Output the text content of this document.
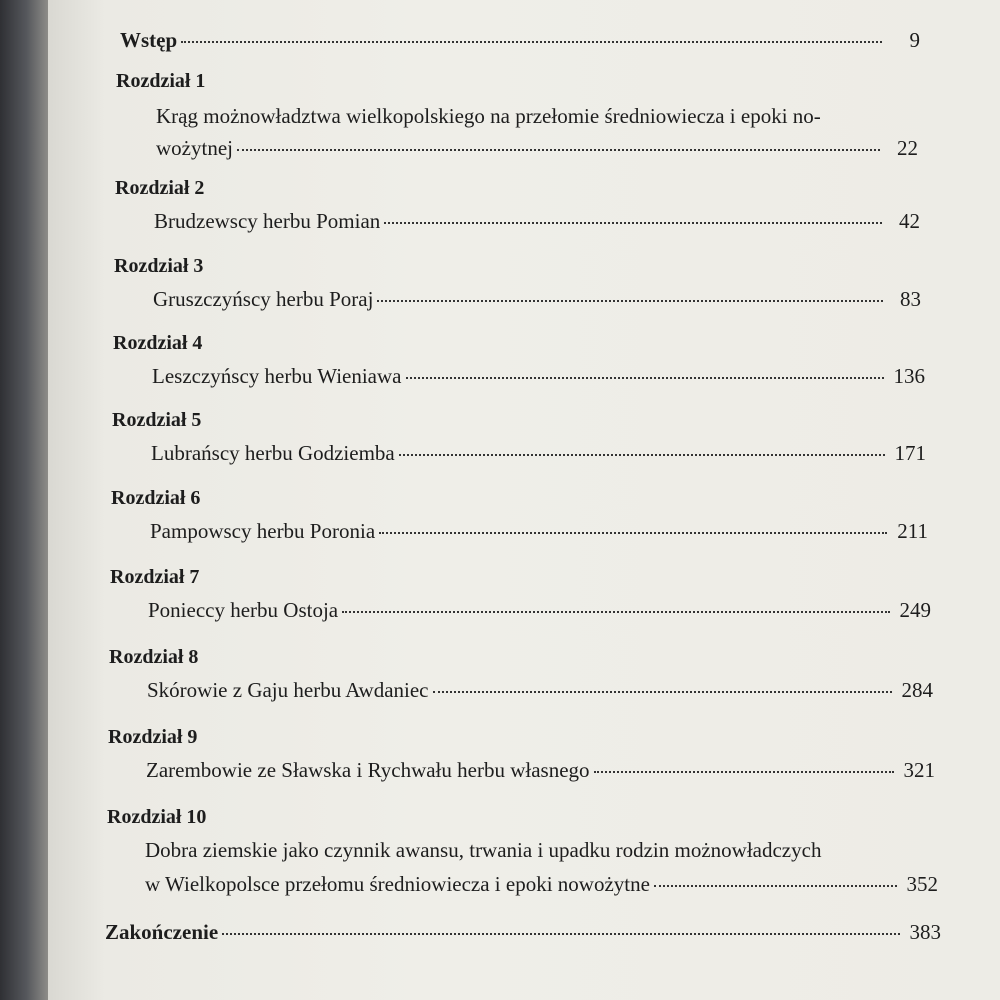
Wstęp	9
Rozdział 1
Krąg możnowładztwa wielkopolskiego na przełomie średniowiecza i epoki no-
wożytnej	22
Rozdział 2
Brudzewscy herbu Pomian	42
Rozdział 3
Gruszczyńscy herbu Poraj	83
Rozdział 4
Leszczyńscy herbu Wieniawa	136
Rozdział 5
Lubrańscy herbu Godziemba	171
Rozdział 6
Pampowscy herbu Poronia	211
Rozdział 7
Ponieccy herbu Ostoja	249
Rozdział 8
Skórowie z Gaju herbu Awdaniec	284
Rozdział 9
Zarembowie ze Sławska i Rychwału herbu własnego	321
Rozdział 10
Dobra ziemskie jako czynnik awansu, trwania i upadku rodzin możnowładczych
w Wielkopolsce przełomu średniowiecza i epoki nowożytne	352
Zakończenie	383
